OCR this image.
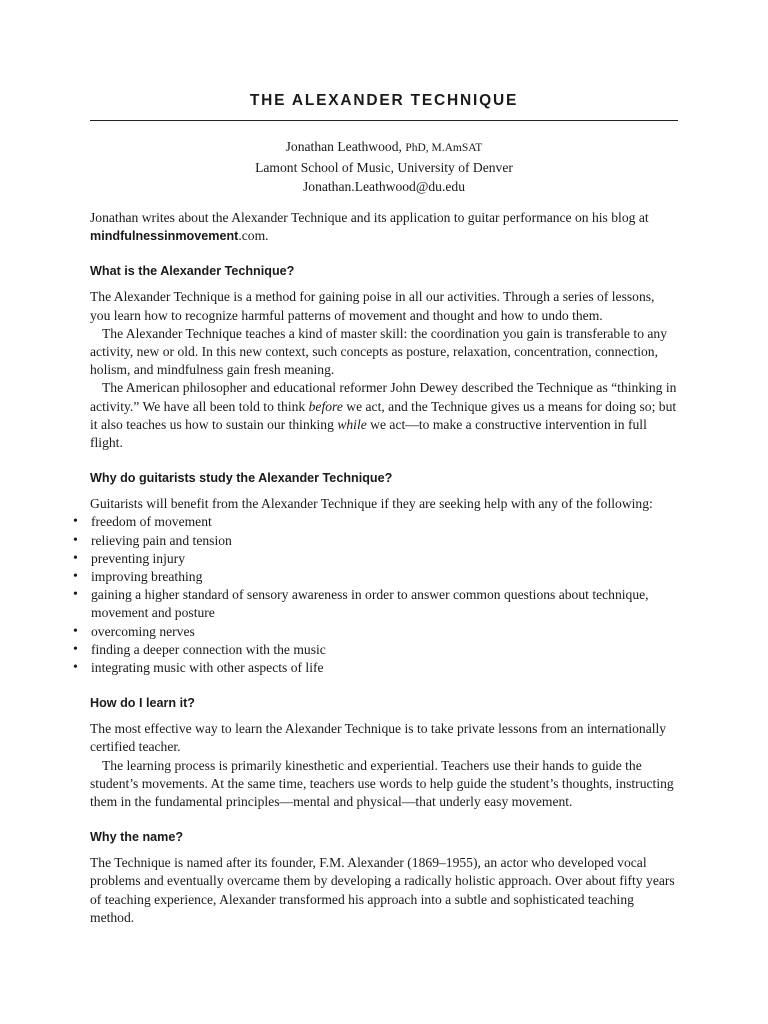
THE ALEXANDER TECHNIQUE
Jonathan Leathwood, PhD, M.AmSAT
Lamont School of Music, University of Denver
Jonathan.Leathwood@du.edu

Jonathan writes about the Alexander Technique and its application to guitar performance on his blog at mindfulnessinmovement.com.

What is the Alexander Technique?

The Alexander Technique is a method for gaining poise in all our activities. Through a series of lessons, you learn how to recognize harmful patterns of movement and thought and how to undo them.

The Alexander Technique teaches a kind of master skill: the coordination you gain is transferable to any activity, new or old. In this new context, such concepts as posture, relaxation, concentration, connection, holism, and mindfulness gain fresh meaning.

The American philosopher and educational reformer John Dewey described the Technique as “thinking in activity.” We have all been told to think before we act, and the Technique gives us a means for doing so; but it also teaches us how to sustain our thinking while we act—to make a constructive intervention in full flight.

Why do guitarists study the Alexander Technique?

Guitarists will benefit from the Alexander Technique if they are seeking help with any of the following:

• freedom of movement
• relieving pain and tension
• preventing injury
• improving breathing
• gaining a higher standard of sensory awareness in order to answer common questions about technique, movement and posture
• overcoming nerves
• finding a deeper connection with the music
• integrating music with other aspects of life
How do I learn it?

The most effective way to learn the Alexander Technique is to take private lessons from an internationally certified teacher.

The learning process is primarily kinesthetic and experiential. Teachers use their hands to guide the student’s movements. At the same time, teachers use words to help guide the student’s thoughts, instructing them in the fundamental principles—mental and physical—that underly easy movement.

Why the name?

The Technique is named after its founder, F.M. Alexander (1869–1955), an actor who developed vocal problems and eventually overcame them by developing a radically holistic approach. Over about fifty years of teaching experience, Alexander transformed his approach into a subtle and sophisticated teaching method.
